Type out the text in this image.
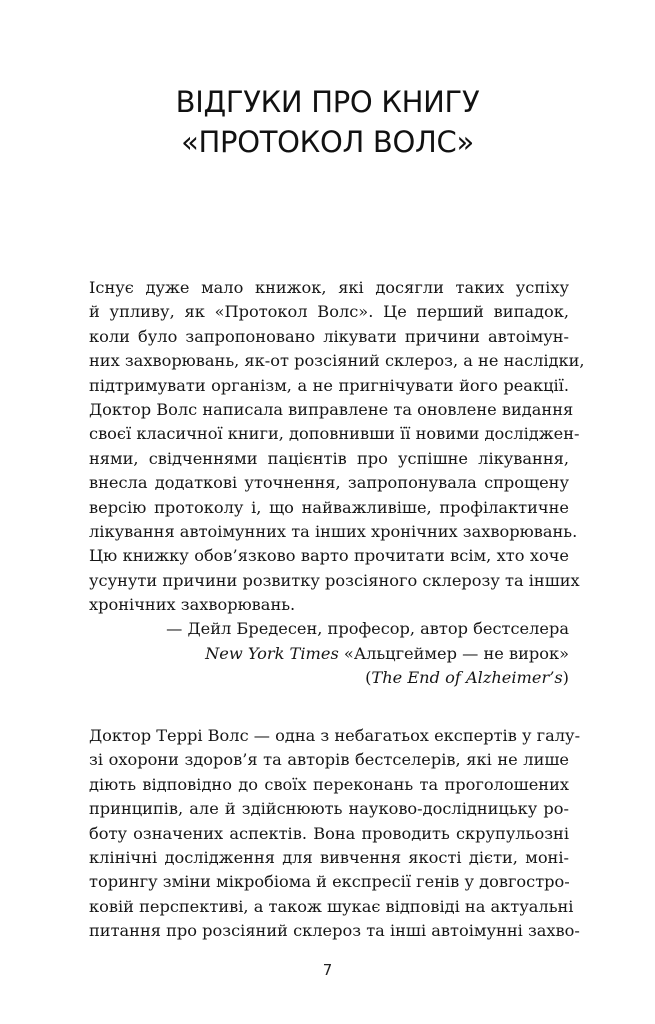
ВІДГУКИ ПРО КНИГУ
«ПРОТОКОЛ ВОЛС»
Існує дуже мало книжок, які досягли таких успіху
й упливу, як «Протокол Волс». Це перший випадок,
коли було запропоновано лікувати причини автоімун-
них захворювань, як-от розсіяний склероз, а не наслідки,
підтримувати організм, а не пригнічувати його реакції.
Доктор Волс написала виправлене та оновлене видання
своєї класичної книги, доповнивши її новими досліджен-
нями, свідченнями пацієнтів про успішне лікування,
внесла додаткові уточнення, запропонувала спрощену
версію протоколу і, що найважливіше, профілактичне
лікування автоімунних та інших хронічних захворювань.
Цю книжку обов’язково варто прочитати всім, хто хоче
усунути причини розвитку розсіяного склерозу та інших
хронічних захворювань.
— Дейл Бредесен, професор, автор бестселера
New York Times «Альцгеймер — не вирок»
(The End of Alzheimer’s)
Доктор Террі Волс — одна з небагатьох експертів у галу-
зі охорони здоров’я та авторів бестселерів, які не лише
діють відповідно до своїх переконань та проголошених
принципів, але й здійснюють науково-дослідницьку ро-
боту означених аспектів. Вона проводить скрупульозні
клінічні дослідження для вивчення якості дієти, моні-
торингу зміни мікробіома й експресії генів у довгостро-
ковій перспективі, а також шукає відповіді на актуальні
питання про розсіяний склероз та інші автоімунні захво-
7
